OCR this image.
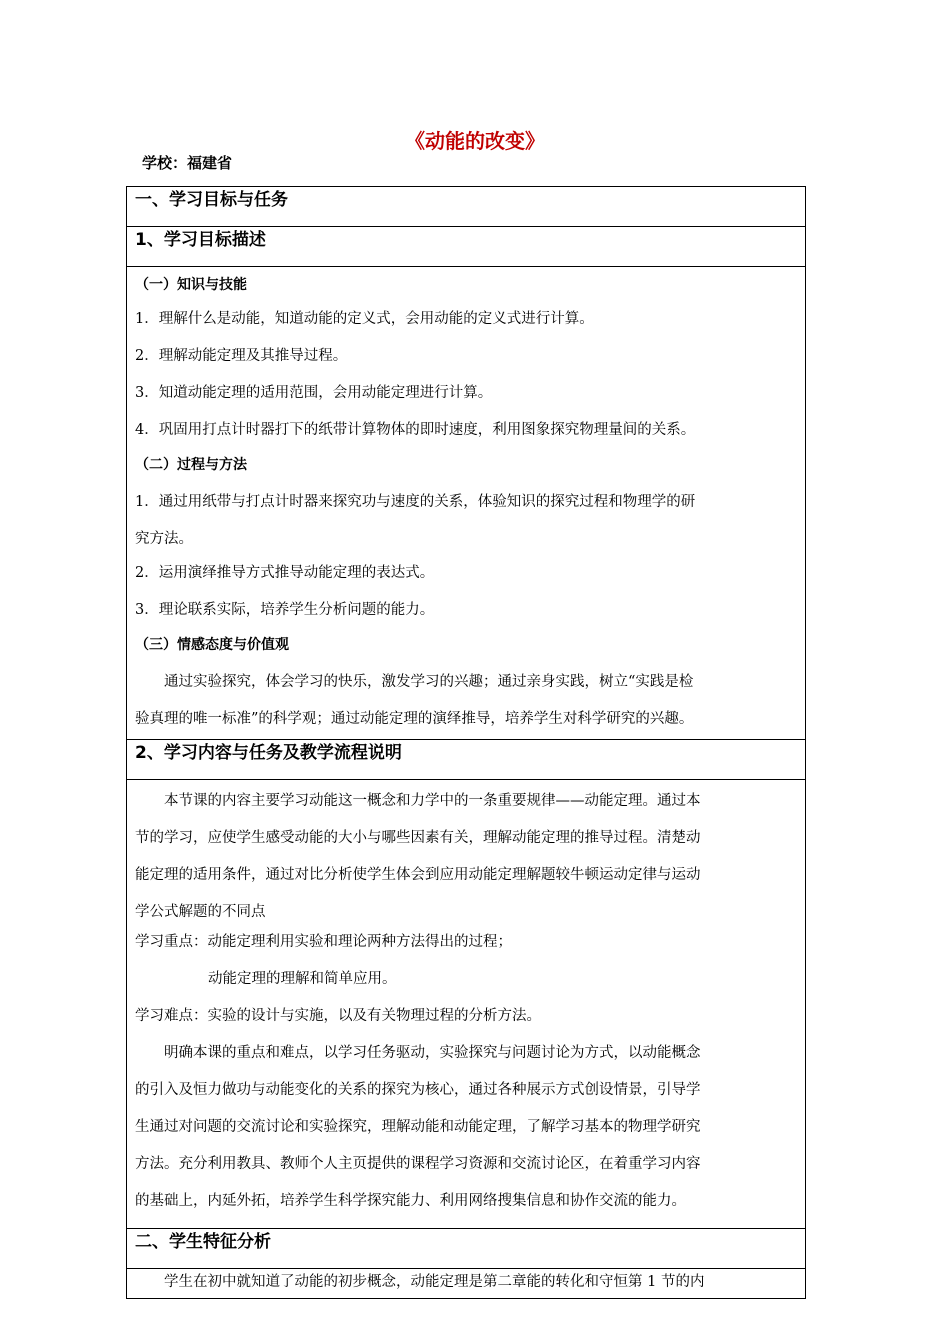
《动能的改变》
学校：福建省
一、学习目标与任务
1、学习目标描述
（一）知识与技能
1．理解什么是动能，知道动能的定义式，会用动能的定义式进行计算。
2．理解动能定理及其推导过程。
3．知道动能定理的适用范围，会用动能定理进行计算。
4．巩固用打点计时器打下的纸带计算物体的即时速度，利用图象探究物理量间的关系。
（二）过程与方法
1．通过用纸带与打点计时器来探究功与速度的关系，体验知识的探究过程和物理学的研
究方法。
2．运用演绎推导方式推导动能定理的表达式。
3．理论联系实际，培养学生分析问题的能力。
（三）情感态度与价值观
通过实验探究，体会学习的快乐，激发学习的兴趣；通过亲身实践，树立“实践是检
验真理的唯一标准”的科学观；通过动能定理的演绎推导，培养学生对科学研究的兴趣。
2、学习内容与任务及教学流程说明
本节课的内容主要学习动能这一概念和力学中的一条重要规律——动能定理。通过本
节的学习，应使学生感受动能的大小与哪些因素有关，理解动能定理的推导过程。清楚动
能定理的适用条件，通过对比分析使学生体会到应用动能定理解题较牛顿运动定律与运动
学公式解题的不同点
学习重点：动能定理利用实验和理论两种方法得出的过程；
动能定理的理解和简单应用。
学习难点：实验的设计与实施，以及有关物理过程的分析方法。
明确本课的重点和难点，以学习任务驱动，实验探究与问题讨论为方式，以动能概念
的引入及恒力做功与动能变化的关系的探究为核心，通过各种展示方式创设情景，引导学
生通过对问题的交流讨论和实验探究，理解动能和动能定理，了解学习基本的物理学研究
方法。充分利用教具、教师个人主页提供的课程学习资源和交流讨论区，在着重学习内容
的基础上，内延外拓，培养学生科学探究能力、利用网络搜集信息和协作交流的能力。
二、学生特征分析
学生在初中就知道了动能的初步概念，动能定理是第二章能的转化和守恒第 1 节的内
